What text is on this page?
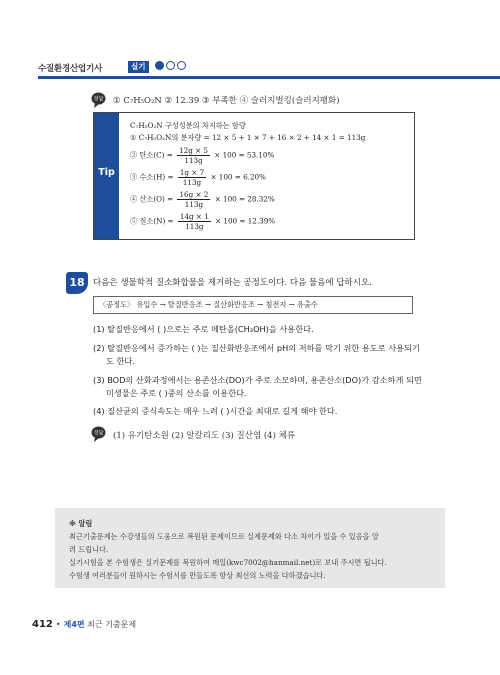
수질환경산업기사	실기
정답 ① C₇H₅O₂N ② 12.39 ③ 부족한 ④ 슬러지벌킹(슬러지팽화)
Tip
C₇H₅O₂N 구성성분의 차지하는 함량
① C₇H₅O₂N의 분자량 = 12 × 5 + 1 × 7 + 16 × 2 + 14 × 1 = 113g
② 탄소$(C) = \frac{12g \times 5}{113g} \times 100 = 53.10\%$
③ 수소$(H) = \frac{1g \times 7}{113g} \times 100 = 6.20\%$
④ 산소$(O) = \frac{16g \times 2}{113g} \times 100 = 28.32\%$
⑤ 질소$(N) = \frac{14g \times 1}{113g} \times 100 = 12.39\%$
18 다음은 생물학적 질소화합물을 제거하는 공정도이다. 다음 물음에 답하시오.
〈공정도〉 유입수 → 탈질반응조 → 질산화반응조 → 침전지 → 유출수
(1) 탈질반응에서 ( )으로는 주로 메탄올(CH₃OH)을 사용한다.
(2) 탈질반응에서 증가하는 ( )는 질산화반응조에서 pH의 저하를 막기 위한 용도로 사용되기
도 한다.
(3) BOD의 산화과정에서는 용존산소(DO)가 주로 소모하며, 용존산소(DO)가 감소하게 되면
미생물은 주로 ( )중의 산소를 이용한다.
(4) 질산균의 증식속도는 매우 느려 ( )시간을 최대로 길게 해야 한다.
정답 (1) 유기탄소원 (2) 알칼리도 (3) 질산염 (4) 체류
※ 알림
최근기출문제는 수강생들의 도움으로 복원된 문제이므로 실제문제와 다소 차이가 있을 수 있음을 알
려 드립니다.
실기시험을 본 수험생은 실기문제를 복원하여 메일(kwc7002@hanmail.net)로 보내 주시면 됩니다.
수험생 여러분들이 원하시는 수험서를 만들도록 항상 최선의 노력을 다하겠습니다.
412 • 제4편 최근 기출문제
